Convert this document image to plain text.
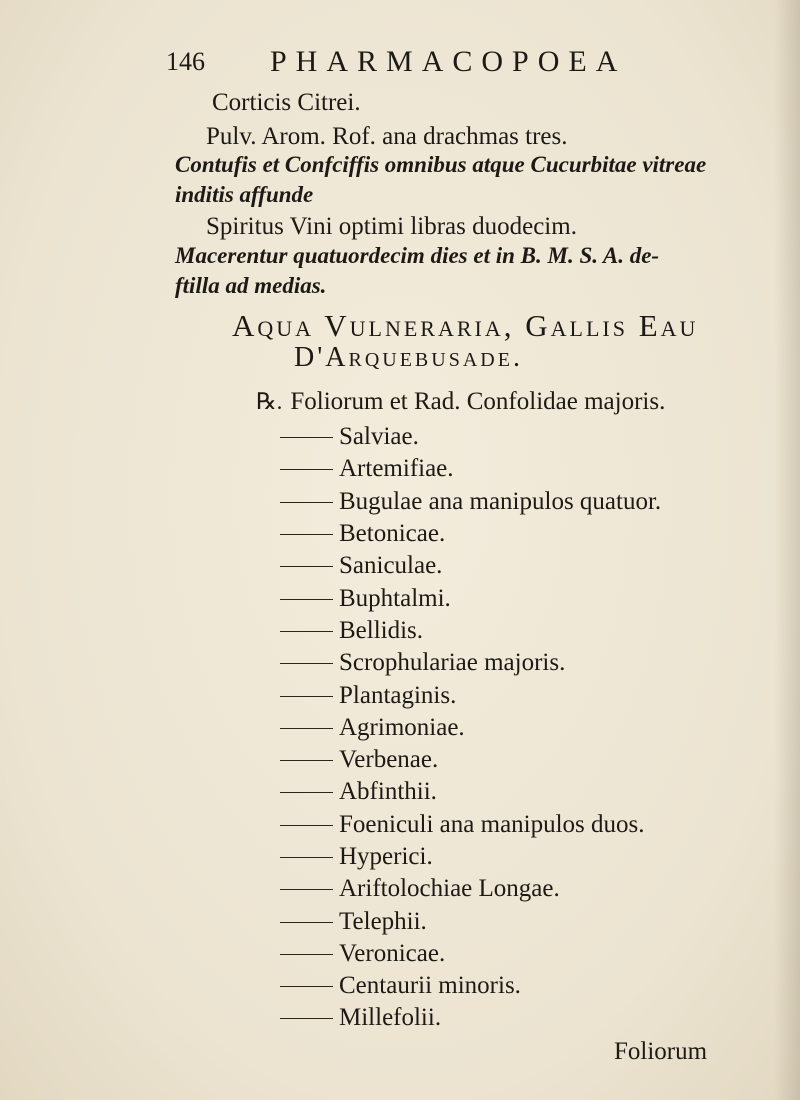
146 PHARMACOPOEA
Corticis Citrei.
Pulv. Arom. Rof. ana drachmas tres.
Contufis et Confciffis omnibus atque Cucurbitae vitreae
inditis affunde
Spiritus Vini optimi libras duodecim.
Macerentur quatuordecim dies et in B. M. S. A. de-
ftilla ad medias.
Aqua Vulneraria, Gallis Eau
D'Arquebusade.
℞. Foliorum et Rad. Confolidae majoris.
Salviae.
Artemifiae.
Bugulae ana manipulos quatuor.
Betonicae.
Saniculae.
Buphtalmi.
Bellidis.
Scrophulariae majoris.
Plantaginis.
Agrimoniae.
Verbenae.
Abfinthii.
Foeniculi ana manipulos duos.
Hyperici.
Ariftolochiae Longae.
Telephii.
Veronicae.
Centaurii minoris.
Millefolii.
Foliorum
